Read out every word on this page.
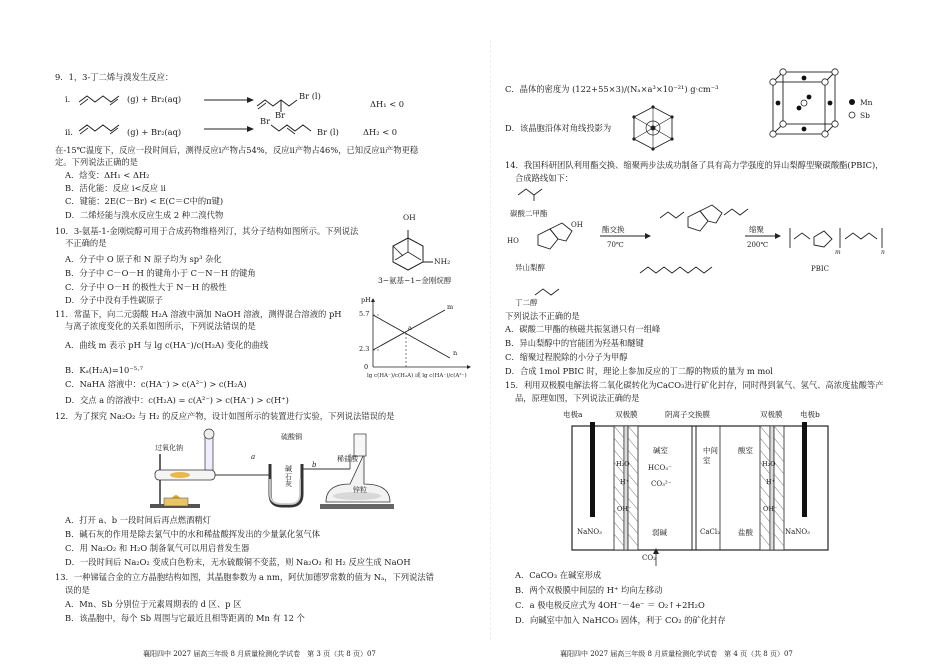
9．1，3-丁二烯与溴发生反应：
i.	(g) + Br₂(aq)
Br
Br (l)
ΔH₁ < 0
ii.	(g) + Br₂(aq)
Br
Br (l)	ΔH₂ < 0
在-15℃温度下，反应一段时间后，测得反应i产物占54%，反应ii产物占46%，已知反应ii产物更稳
定。下列说法正确的是
A．焓变：ΔH₁ < ΔH₂
B．活化能：反应 i<反应 ii
C．键能：2E(C－Br) < E(C＝C中的π键)
D．二烯烃能与溴水反应生成 2 种二溴代物
10．3-氨基-1-金刚烷醇可用于合成药物维格列汀，其分子结构如图所示。下列说法
不正确的是
OH
NH₂
3−氨基−1−金刚烷醇
A．分子中 O 原子和 N 原子均为 sp³ 杂化
B．分子中 C－O－H 的键角小于 C－N－H 的键角
C．分子中 O－H 的极性大于 N－H 的极性
D．分子中没有手性碳原子
11．常温下，向二元弱酸 H₂A 溶液中滴加 NaOH 溶液，测得混合溶液的 pH
与离子浓度变化的关系如图所示，下列说法错误的是
A．曲线 m 表示 pH 与 lg c(HA⁻)/c(H₂A) 变化的曲线
B．Kₐ(H₂A)=10⁻⁵·⁷
C．NaHA 溶液中：c(HA⁻) > c(A²⁻) > c(H₂A)
D．交点 a 的溶液中：c(H₂A) = c(A²⁻) > c(HA⁻) > c(H⁺)
pH
5.7
2.3
0
m
n
a
lg c(HA⁻)/c(H₂A) 或 lg c(HA⁻)/c(A²⁻)
12．为了探究 Na₂O₂ 与 H₂ 的反应产物，设计如图所示的装置进行实验，下列说法错误的是
过氧化钠
硫酸铜
碱石灰
稀盐酸
锌粒
a
b
A．打开 a、b 一段时间后再点燃酒精灯
B．碱石灰的作用是除去氯气中的水和稀盐酸挥发出的少量氯化氢气体
C．用 Na₂O₂ 和 H₂O 制备氧气可以用启普发生器
D．一段时间后 Na₂O₂ 变成白色粉末，无水硫酸铜不变蓝，则 Na₂O₂ 和 H₂ 反应生成 NaOH
13．一种锑锰合金的立方晶胞结构如图，其晶胞参数为 a nm，阿伏加德罗常数的值为 Nₐ，下列说法错
误的是
A．Mn、Sb 分别位于元素周期表的 d 区、p 区
B．该晶胞中，每个 Sb 周围与它最近且相等距离的 Mn 有 12 个
襄阳四中 2027 届高三年级 8 月质量检测化学试卷　第 3 页（共 8 页）07
C．晶体的密度为 (122+55×3)/(Nₐ×a³×10⁻²¹) g·cm⁻³
D．该晶胞沿体对角线投影为
Mn
Sb
14．我国科研团队利用酯交换、缩聚两步法成功制备了具有高力学强度的异山梨醇型聚碳酸酯(PBIC)，
合成路线如下：
碳酸二甲酯
HO
OH
异山梨醇
酯交换
70℃
缩聚
200℃
m	n
PBIC
丁二醇
下列说法不正确的是
A．碳酸二甲酯的核磁共振氢谱只有一组峰
B．异山梨醇中的官能团为羟基和醚键
C．缩聚过程脱除的小分子为甲醇
D．合成 1mol PBIC 时，理论上参加反应的丁二醇的物质的量为 m mol
15．利用双极膜电解法将二氧化碳转化为CaCO₃进行矿化封存，同时得到氧气、氢气、高浓度盐酸等产
品，原理如图，下列说法正确的是
电极a	电极b
双极膜	阴离子交换膜	双极膜
H₂O
H⁺
OH⁻
H₂O
H⁺
OH⁻
碱室
HCO₃⁻
CO₃²⁻
中间室
酸室
NaNO₃	弱碱	CaCl₂ 盐酸	NaNO₃
CO₂
A．CaCO₃ 在碱室形成
B．两个双极膜中间层的 H⁺ 均向左移动
C．a 极电极反应式为 4OH⁻－4e⁻ ＝ O₂↑+2H₂O
D．向碱室中加入 NaHCO₃ 固体，利于 CO₂ 的矿化封存
襄阳四中 2027 届高三年级 8 月质量检测化学试卷　第 4 页（共 8 页）07
